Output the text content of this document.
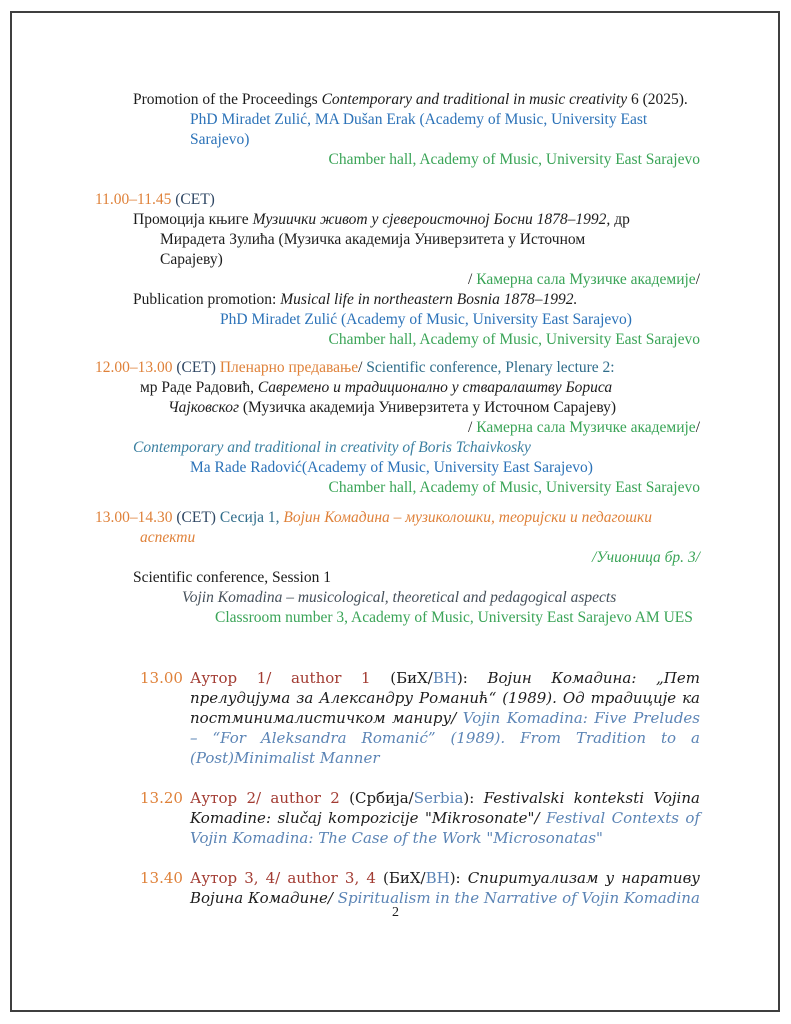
Promotion of the Proceedings Contemporary and traditional in music creativity 6 (2025).
PhD Miradet Zulić, MA Dušan Erak (Academy of Music, University East
Sarajevo)
Chamber hall, Academy of Music, University East Sarajevo
11.00–11.45 (CET)
Промоција књиге Музиички живот у сјевероисточној Босни 1878–1992, др
Мирадета Зулића (Музичка академија Универзитета у Источном
Сарајеву)
/ Камерна сала Музичке академије/
Publication promotion: Musical life in northeastern Bosnia 1878–1992.
PhD Miradet Zulić (Academy of Music, University East Sarajevo)
Chamber hall, Academy of Music, University East Sarajevo
12.00–13.00 (CET) Пленарно предавање/ Scientific conference, Plenary lecture 2:
мр Раде Радовић, Савремено и традиционално у стваралаштву Бориса
Чајковског (Музичка академија Универзитета у Источном Сарајеву)
/ Камерна сала Музичке академије/
Contemporary and traditional in creativity of Boris Tchaivkosky
Ma Rade Radović(Academy of Music, University East Sarajevo)
Chamber hall, Academy of Music, University East Sarajevo
13.00–14.30 (CET) Сесија 1, Војин Комадина – музиколошки, теоријски и педагошки
аспекти
/Учионица бр. 3/
Scientific conference, Session 1
Vojin Komadina – musicological, theoretical and pedagogical aspects
Classroom number 3, Academy of Music, University East Sarajevo AM UES
13.00 Аутор 1/ author 1 (БиХ/BH): Војин Комадина: „Пет прелудијума за Александру Романић“ (1989). Од традиције ка постминималистичком маниру/ Vojin Komadina: Five Preludes – “For Aleksandra Romanić” (1989). From Tradition to a (Post)Minimalist Manner
13.20 Аутор 2/ author 2 (Србија/Serbia): Festivalski konteksti Vojina Komadine: slučaj kompozicije "Mikrosonate"/ Festival Contexts of Vojin Komadina: The Case of the Work "Microsonatas"
13.40 Аутор 3, 4/ author 3, 4 (БиХ/BH): Спиритуализам у наративу Војина Комадине/ Spiritualism in the Narrative of Vojin Komadina
2
